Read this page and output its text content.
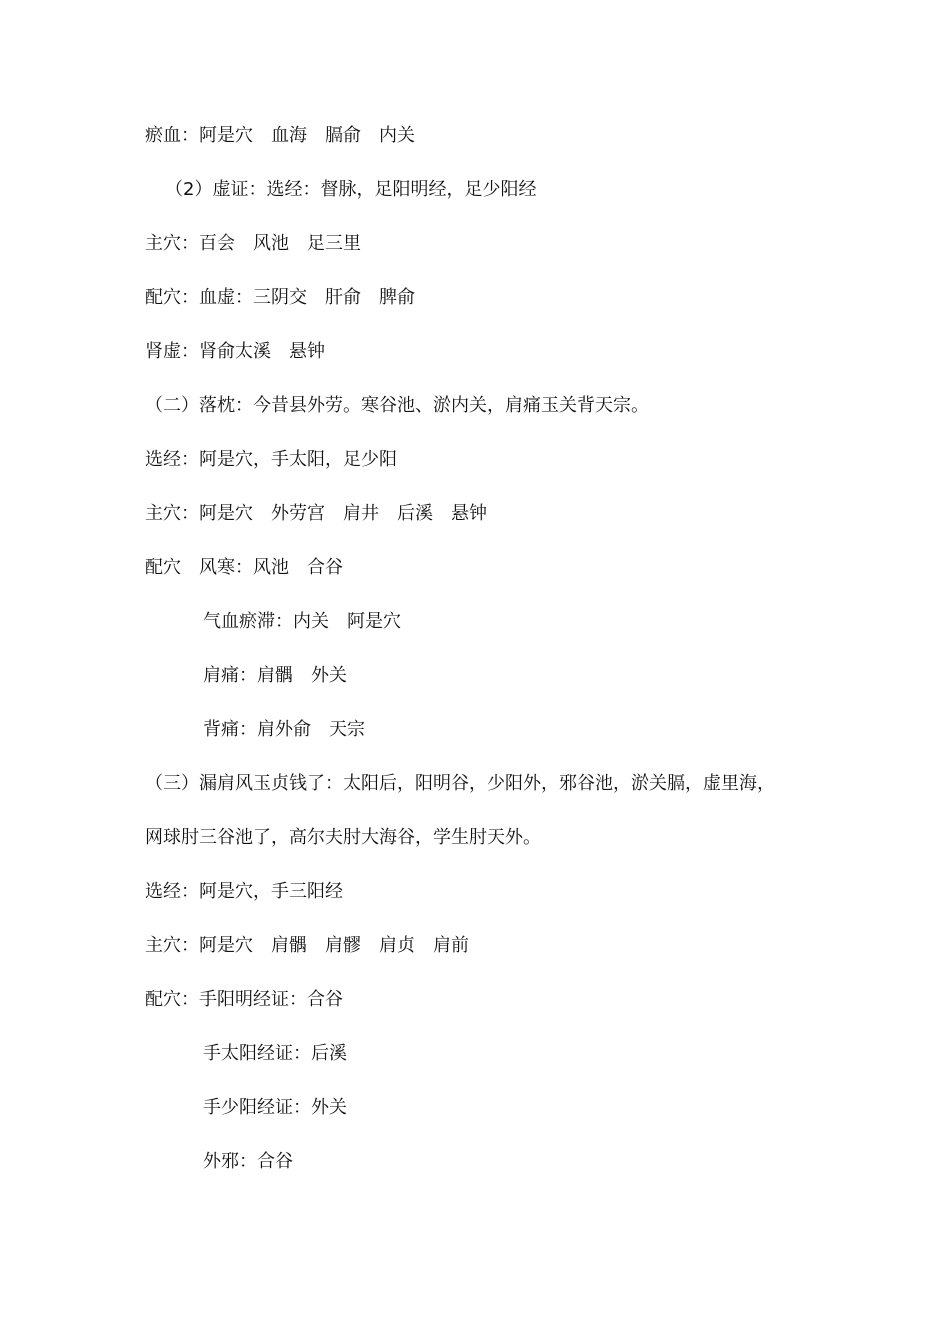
瘀血：阿是穴　血海　膈俞　内关
（2）虚证：选经：督脉，足阳明经，足少阳经
主穴：百会　风池　足三里
配穴：血虚：三阴交　肝俞　脾俞
肾虚：肾俞太溪　悬钟
（二）落枕：今昔县外劳。寒谷池、淤内关，肩痛玉关背天宗。
选经：阿是穴，手太阳，足少阳
主穴：阿是穴　外劳宫　肩井　后溪　悬钟
配穴　风寒：风池　合谷
气血瘀滞：内关　阿是穴
肩痛：肩髃　外关
背痛：肩外俞　天宗
（三）漏肩风玉贞钱了：太阳后，阳明谷，少阳外，邪谷池，淤关膈，虚里海，
网球肘三谷池了，高尔夫肘大海谷，学生肘天外。
选经：阿是穴，手三阳经
主穴：阿是穴　肩髃　肩髎　肩贞　肩前
配穴：手阳明经证：合谷
手太阳经证：后溪
手少阳经证：外关
外邪：合谷
